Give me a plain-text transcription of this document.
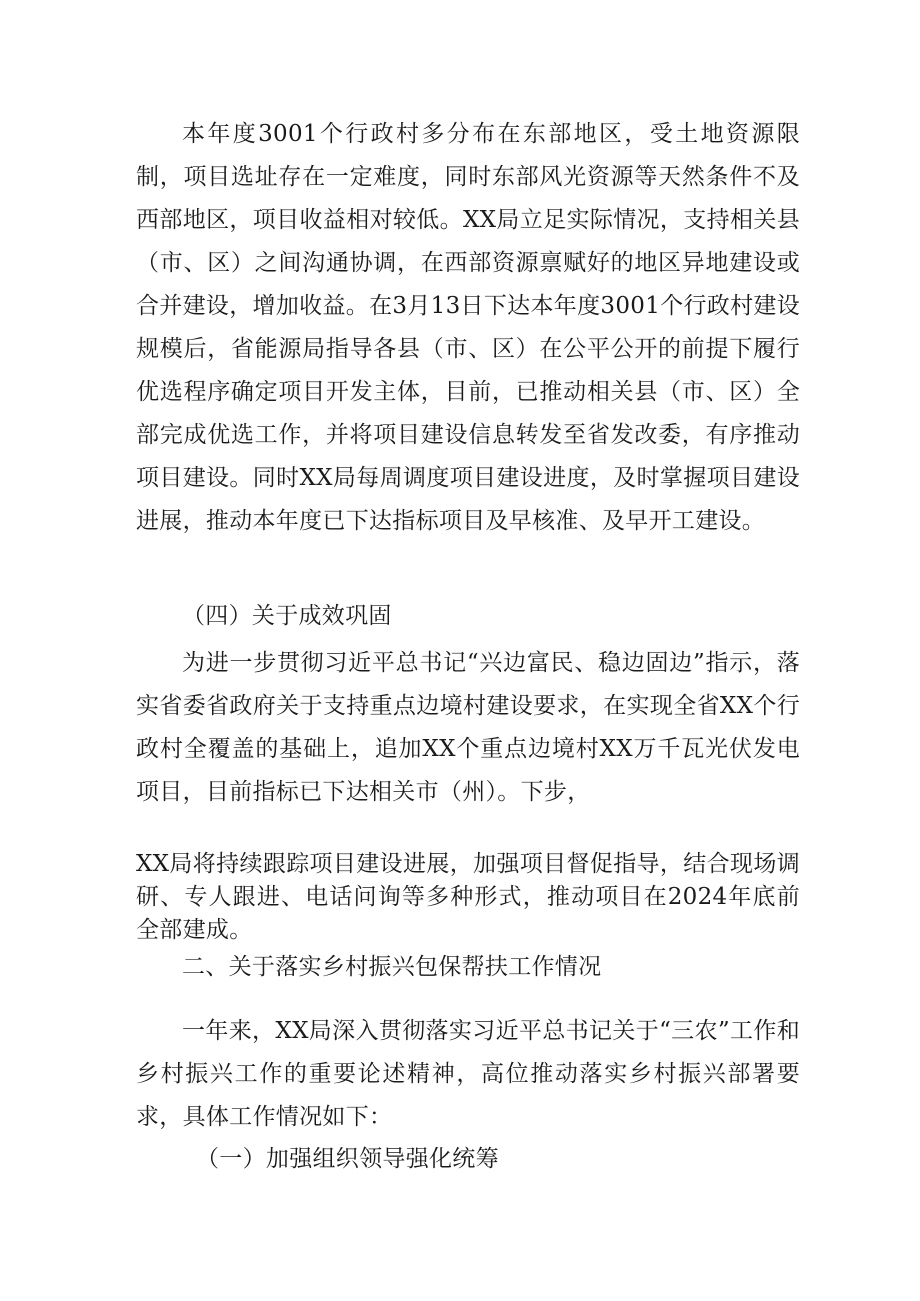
本年度3001个行政村多分布在东部地区，受土地资源限制，项目选址存在一定难度，同时东部风光资源等天然条件不及西部地区，项目收益相对较低。XX局立足实际情况，支持相关县（市、区）之间沟通协调，在西部资源禀赋好的地区异地建设或合并建设，增加收益。在3月13日下达本年度3001个行政村建设规模后，省能源局指导各县（市、区）在公平公开的前提下履行优选程序确定项目开发主体，目前，已推动相关县（市、区）全部完成优选工作，并将项目建设信息转发至省发改委，有序推动项目建设。同时XX局每周调度项目建设进度，及时掌握项目建设进展，推动本年度已下达指标项目及早核准、及早开工建设。

（四）关于成效巩固

为进一步贯彻习近平总书记“兴边富民、稳边固边”指示，落实省委省政府关于支持重点边境村建设要求，在实现全省XX个行政村全覆盖的基础上，追加XX个重点边境村XX万千瓦光伏发电项目，目前指标已下达相关市（州）。下步，

XX局将持续跟踪项目建设进展，加强项目督促指导，结合现场调研、专人跟进、电话问询等多种形式，推动项目在2024年底前全部建成。

二、关于落实乡村振兴包保帮扶工作情况

一年来，XX局深入贯彻落实习近平总书记关于“三农”工作和乡村振兴工作的重要论述精神，高位推动落实乡村振兴部署要求，具体工作情况如下：

（一）加强组织领导强化统筹
